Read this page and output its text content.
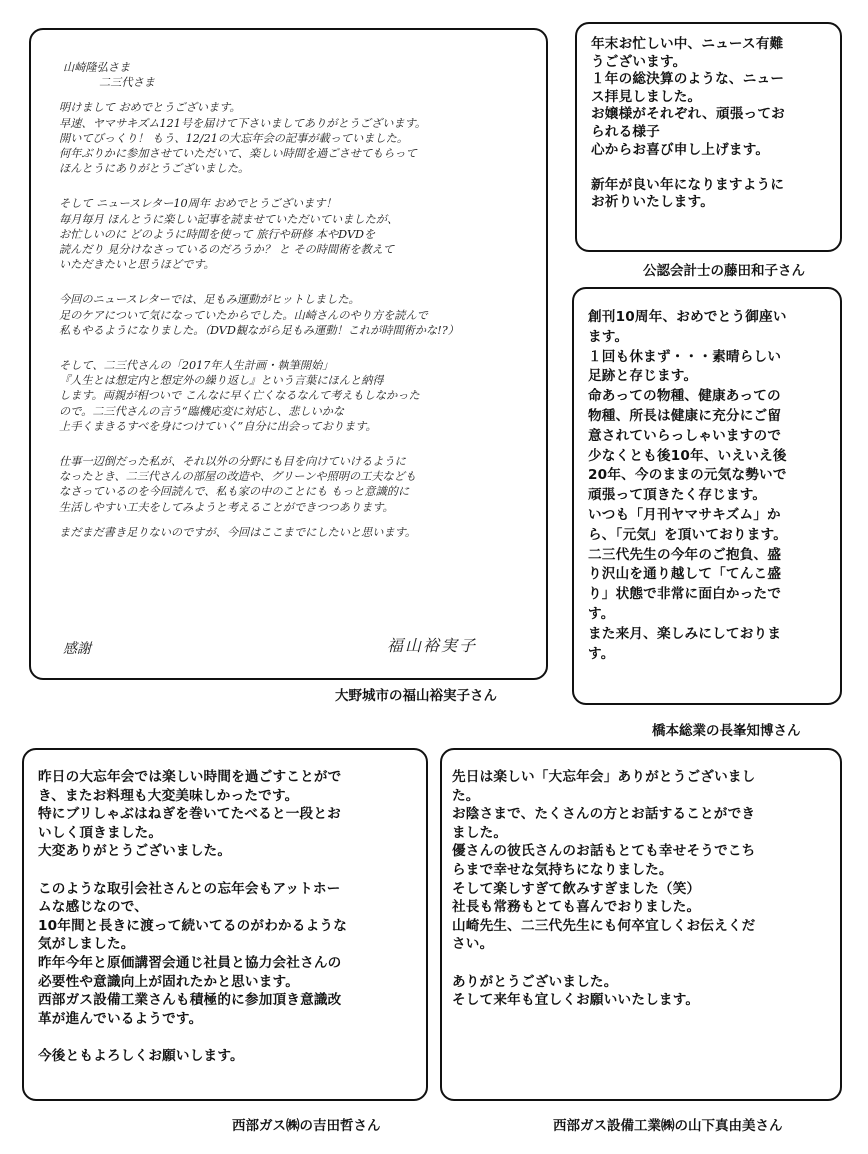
山崎隆弘さま

二三代さま

明けまして おめでとうございます。

早速、ヤマサキズム121号を届けて下さいましてありがとうございます。

開いてびっくり！ もう、12/21の大忘年会の記事が載っていました。

何年ぶりかに参加させていただいて、楽しい時間を過ごさせてもらって

ほんとうにありがとうございました。

そして ニュースレター10周年 おめでとうございます！

毎月毎月 ほんとうに楽しい記事を読ませていただいていましたが、

お忙しいのに どのように時間を使って 旅行や研修 本やDVDを

読んだり 見分けなさっているのだろうか？ と その時間術を教えて

いただきたいと思うほどです。

今回のニュースレターでは、足もみ運動がヒットしました。

足のケアについて気になっていたからでした。山崎さんのやり方を読んで

私もやるようになりました。（DVD観ながら足もみ運動！これが時間術かな!?）

そして、二三代さんの「2017年人生計画・執筆開始」

『人生とは想定内と想定外の繰り返し』という言葉にほんと納得

します。両親が相ついで こんなに早く亡くなるなんて考えもしなかった

ので。二三代さんの言う“臨機応変に対応し、悲しいかな

上手くまきるすべを身につけていく”自分に出会っております。

仕事一辺倒だった私が、それ以外の分野にも目を向けていけるように

なったとき、二三代さんの部屋の改造や、グリーンや照明の工夫なども

なさっているのを今回読んで、私も家の中のことにも もっと意識的に

生活しやすい工夫をしてみようと考えることができつつあります。

まだまだ書き足りないのですが、今回はここまでにしたいと思います。

感謝	福山裕実子
大野城市の福山裕実子さん

年末お忙しい中、ニュース有難

うございます。

１年の総決算のような、ニュー

ス拝見しました。

お嬢様がそれぞれ、頑張ってお

られる様子

心からお喜び申し上げます。

新年が良い年になりますように

お祈りいたします。

公認会計士の藤田和子さん

創刊10周年、おめでとう御座い

ます。

１回も休まず・・・素晴らしい

足跡と存じます。

命あっての物種、健康あっての

物種、所長は健康に充分にご留

意されていらっしゃいますので

少なくとも後10年、いえいえ後

20年、今のままの元気な勢いで

頑張って頂きたく存じます。

いつも「月刊ヤマサキズム」か

ら、「元気」を頂いております。

二三代先生の今年のご抱負、盛

り沢山を通り越して「てんこ盛

り」状態で非常に面白かったで

す。

また来月、楽しみにしておりま

す。

橋本総業の長峯知博さん

昨日の大忘年会では楽しい時間を過ごすことがで

き、またお料理も大変美味しかったです。

特にブリしゃぶはねぎを巻いてたべると一段とお

いしく頂きました。

大変ありがとうございました。

このような取引会社さんとの忘年会もアットホー

ムな感じなので、

10年間と長きに渡って続いてるのがわかるような

気がしました。

昨年今年と原価講習会通じ社員と協力会社さんの

必要性や意識向上が固れたかと思います。

西部ガス設備工業さんも積極的に参加頂き意識改

革が進んでいるようです。

今後ともよろしくお願いします。

西部ガス㈱の吉田哲さん

先日は楽しい「大忘年会」ありがとうございまし

た。

お陰さまで、たくさんの方とお話することができ

ました。

優さんの彼氏さんのお話もとても幸せそうでこち

らまで幸せな気持ちになりました。

そして楽しすぎて飲みすぎました（笑）

社長も常務もとても喜んでおりました。

山崎先生、二三代先生にも何卒宜しくお伝えくだ

さい。

ありがとうございました。

そして来年も宜しくお願いいたします。

西部ガス設備工業㈱の山下真由美さん
